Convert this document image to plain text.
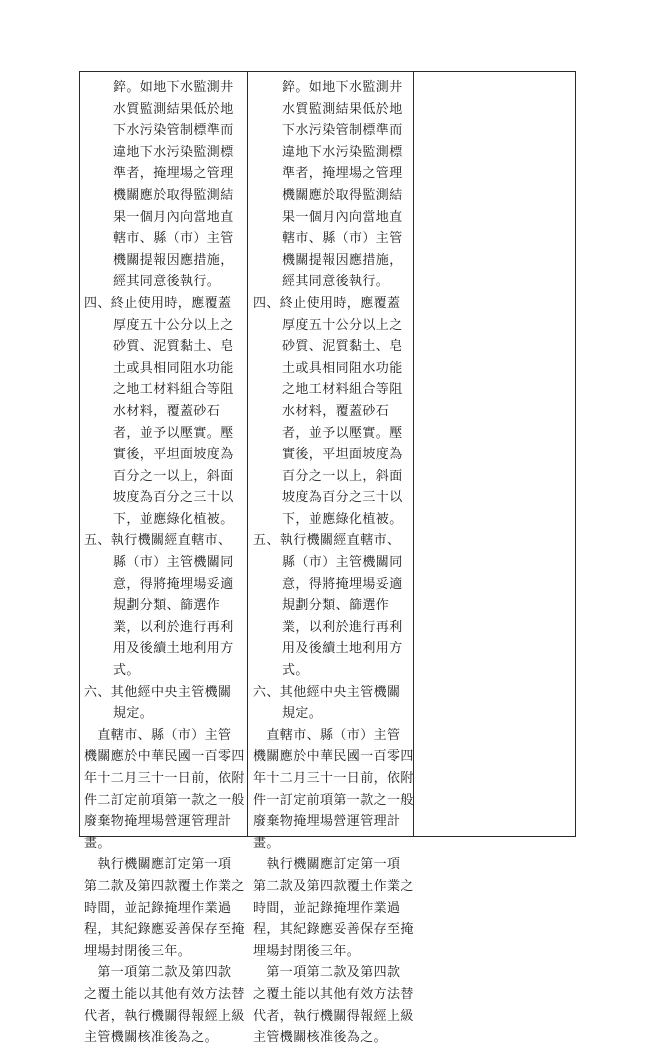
錊。如地下水監測井
水質監測結果低於地
下水污染管制標準而
違地下水污染監測標
準者，掩埋場之管理
機關應於取得監測結
果一個月內向當地直
轄市、縣（市）主管
機關提報因應措施，
經其同意後執行。
四、終止使用時，應覆蓋
厚度五十公分以上之
砂質、泥質黏土、皂
土或具相同阻水功能
之地工材料組合等阻
水材料，覆蓋砂石
者，並予以壓實。壓
實後，平坦面坡度為
百分之一以上，斜面
坡度為百分之三十以
下，並應綠化植被。
五、執行機關經直轄市、
縣（市）主管機關同
意，得將掩埋場妥適
規劃分類、篩選作
業，以利於進行再利
用及後續土地利用方
式。
六、其他經中央主管機關
規定。
　直轄市、縣（市）主管
機關應於中華民國一百零四
年十二月三十一日前，依附
件二訂定前項第一款之一般
廢棄物掩埋場營運管理計
畫。
　執行機關應訂定第一項
第二款及第四款覆土作業之
時間，並記錄掩埋作業過
程，其紀錄應妥善保存至掩
埋場封閉後三年。
　第一項第二款及第四款
之覆土能以其他有效方法替
代者，執行機關得報經上級
主管機關核准後為之。
錊。如地下水監測井
水質監測結果低於地
下水污染管制標準而
違地下水污染監測標
準者，掩埋場之管理
機關應於取得監測結
果一個月內向當地直
轄市、縣（市）主管
機關提報因應措施，
經其同意後執行。
四、終止使用時，應覆蓋
厚度五十公分以上之
砂質、泥質黏土、皂
土或具相同阻水功能
之地工材料組合等阻
水材料，覆蓋砂石
者，並予以壓實。壓
實後，平坦面坡度為
百分之一以上，斜面
坡度為百分之三十以
下，並應綠化植被。
五、執行機關經直轄市、
縣（市）主管機關同
意，得將掩埋場妥適
規劃分類、篩選作
業，以利於進行再利
用及後續土地利用方
式。
六、其他經中央主管機關
規定。
　直轄市、縣（市）主管
機關應於中華民國一百零四
年十二月三十一日前，依附
件一訂定前項第一款之一般
廢棄物掩埋場營運管理計
畫。
　執行機關應訂定第一項
第二款及第四款覆土作業之
時間，並記錄掩埋作業過
程，其紀錄應妥善保存至掩
埋場封閉後三年。
　第一項第二款及第四款
之覆土能以其他有效方法替
代者，執行機關得報經上級
主管機關核准後為之。
